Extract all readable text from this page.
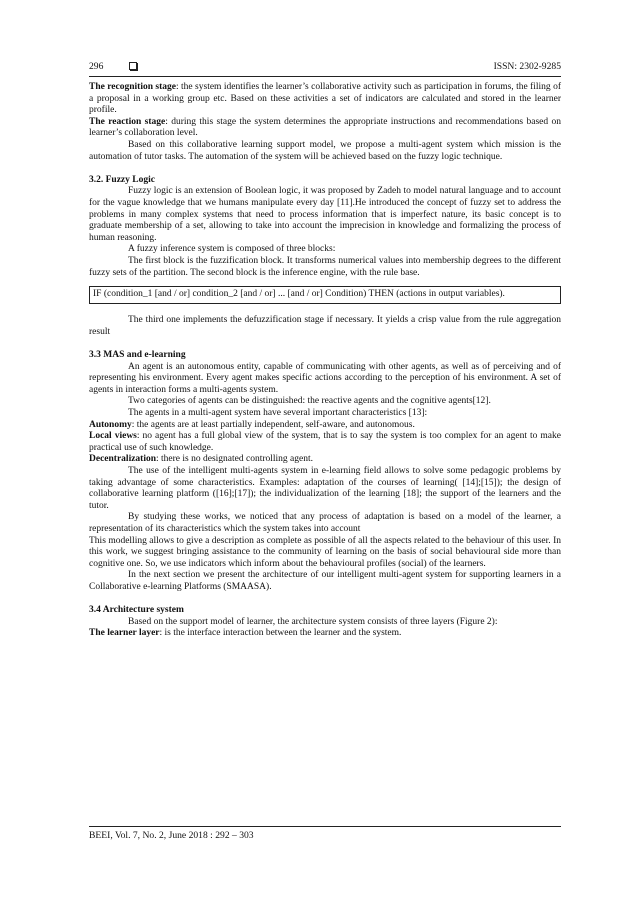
296	ISSN: 2302-9285

The recognition stage: the system identifies the learner’s collaborative activity such as participation in forums, the filing of a proposal in a working group etc. Based on these activities a set of indicators are calculated and stored in the learner profile.

The reaction stage: during this stage the system determines the appropriate instructions and recommendations based on learner’s collaboration level.

Based on this collaborative learning support model, we propose a multi-agent system which mission is the automation of tutor tasks. The automation of the system will be achieved based on the fuzzy logic technique.

3.2. Fuzzy Logic

Fuzzy logic is an extension of Boolean logic, it was proposed by Zadeh to model natural language and to account for the vague knowledge that we humans manipulate every day [11].He introduced the concept of fuzzy set to address the problems in many complex systems that need to process information that is imperfect nature, its basic concept is to graduate membership of a set, allowing to take into account the imprecision in knowledge and formalizing the process of human reasoning.

A fuzzy inference system is composed of three blocks:

The first block is the fuzzification block. It transforms numerical values into membership degrees to the different fuzzy sets of the partition. The second block is the inference engine, with the rule base.

IF (condition_1 [and / or] condition_2 [and / or] ... [and / or] Condition) THEN (actions in output variables).

The third one implements the defuzzification stage if necessary. It yields a crisp value from the rule aggregation result

3.3 MAS and e-learning

An agent is an autonomous entity, capable of communicating with other agents, as well as of perceiving and of representing his environment. Every agent makes specific actions according to the perception of his environment. A set of agents in interaction forms a multi-agents system.

Two categories of agents can be distinguished: the reactive agents and the cognitive agents[12].

The agents in a multi-agent system have several important characteristics [13]:

Autonomy: the agents are at least partially independent, self-aware, and autonomous.

Local views: no agent has a full global view of the system, that is to say the system is too complex for an agent to make practical use of such knowledge.

Decentralization: there is no designated controlling agent.

The use of the intelligent multi-agents system in e-learning field allows to solve some pedagogic problems by taking advantage of some characteristics. Examples: adaptation of the courses of learning( [14];[15]); the design of collaborative learning platform ([16];[17]); the individualization of the learning [18]; the support of the learners and the tutor.

By studying these works, we noticed that any process of adaptation is based on a model of the learner, a representation of its characteristics which the system takes into account

This modelling allows to give a description as complete as possible of all the aspects related to the behaviour of this user. In this work, we suggest bringing assistance to the community of learning on the basis of social behavioural side more than cognitive one. So, we use indicators which inform about the behavioural profiles (social) of the learners.

In the next section we present the architecture of our intelligent multi-agent system for supporting learners in a Collaborative e-learning Platforms (SMAASA).

3.4 Architecture system

Based on the support model of learner, the architecture system consists of three layers (Figure 2):

The learner layer: is the interface interaction between the learner and the system.

BEEI, Vol. 7, No. 2, June 2018 : 292 – 303
